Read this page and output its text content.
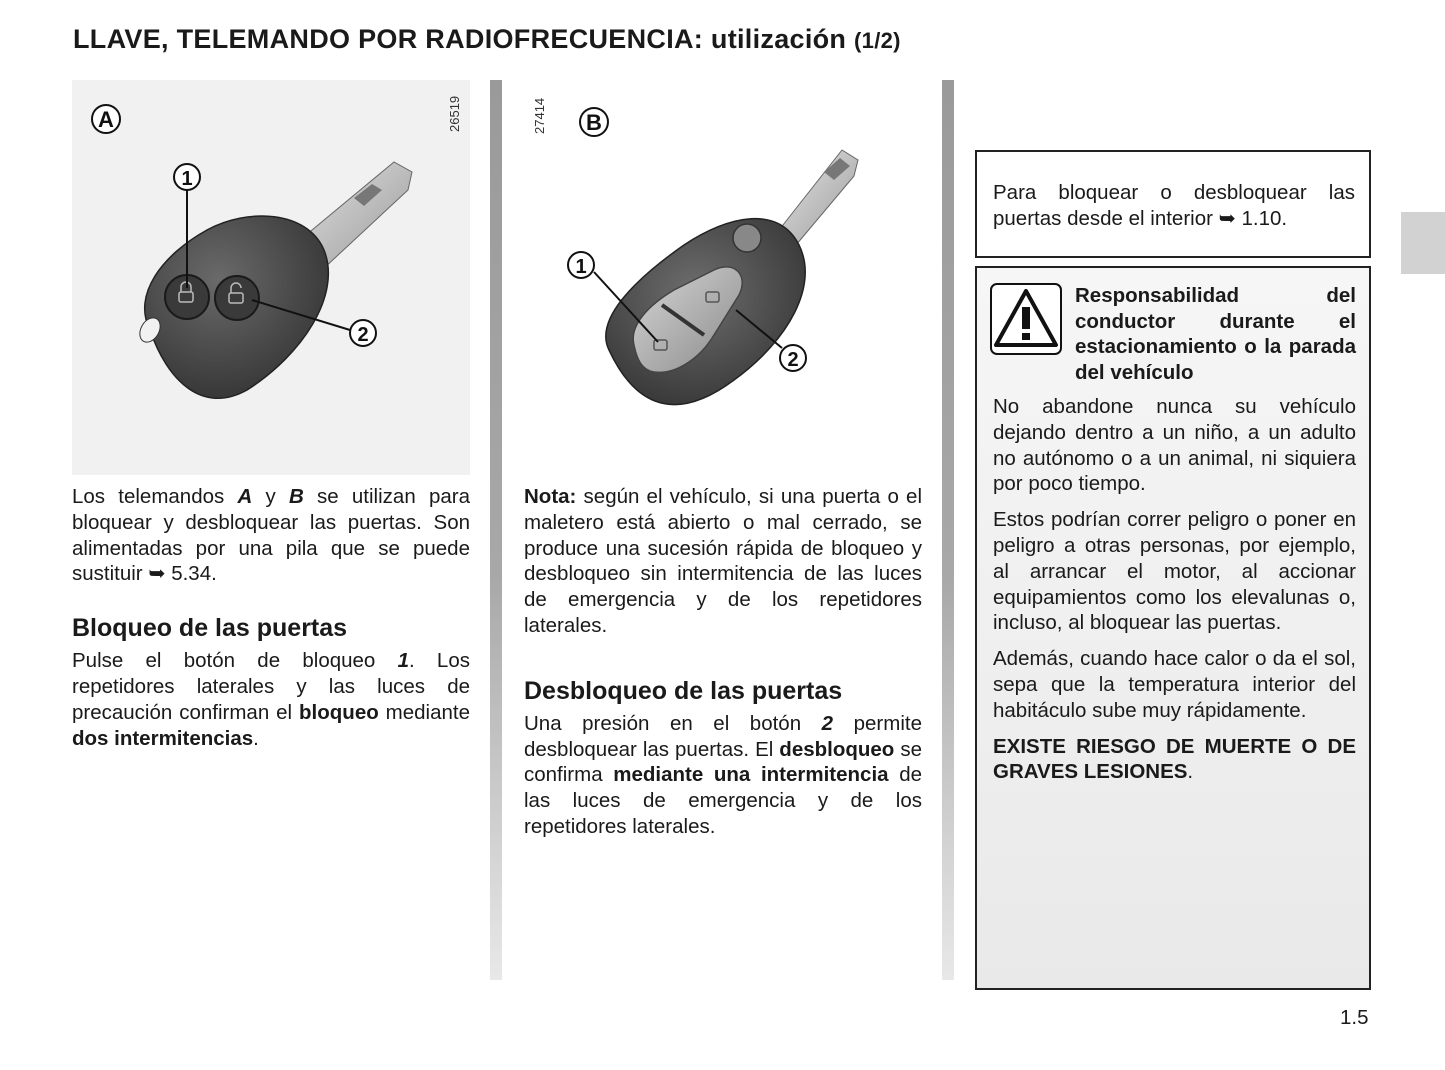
LLAVE, TELEMANDO POR RADIOFRECUENCIA: utilización (1/2)
A
1
2
26519	B
1
2
27414

Los telemandos A y B se utilizan para bloquear y desbloquear las puertas. Son alimentadas por una pila que se puede sustituir ➥ 5.34.

Bloqueo de las puertas

Pulse el botón de bloqueo 1. Los repetidores laterales y las luces de precaución confirman el bloqueo mediante dos intermitencias.

Nota: según el vehículo, si una puerta o el maletero está abierto o mal cerrado, se produce una sucesión rápida de bloqueo y desbloqueo sin intermitencia de las luces de emergencia y de los repetidores laterales.

Desbloqueo de las puertas

Una presión en el botón 2 permite desbloquear las puertas. El desbloqueo se confirma mediante una intermitencia de las luces de emergencia y de los repetidores laterales.

Para bloquear o desbloquear las puertas desde el interior ➥ 1.10.
Responsabilidad del conductor durante el estacionamiento o la parada del vehículo

No abandone nunca su vehículo dejando dentro a un niño, a un adulto no autónomo o a un animal, ni siquiera por poco tiempo.

Estos podrían correr peligro o poner en peligro a otras personas, por ejemplo, al arrancar el motor, al accionar equipamientos como los elevalunas o, incluso, al bloquear las puertas.

Además, cuando hace calor o da el sol, sepa que la temperatura interior del habitáculo sube muy rápidamente.

EXISTE RIESGO DE MUERTE O DE GRAVES LESIONES.

1.5
